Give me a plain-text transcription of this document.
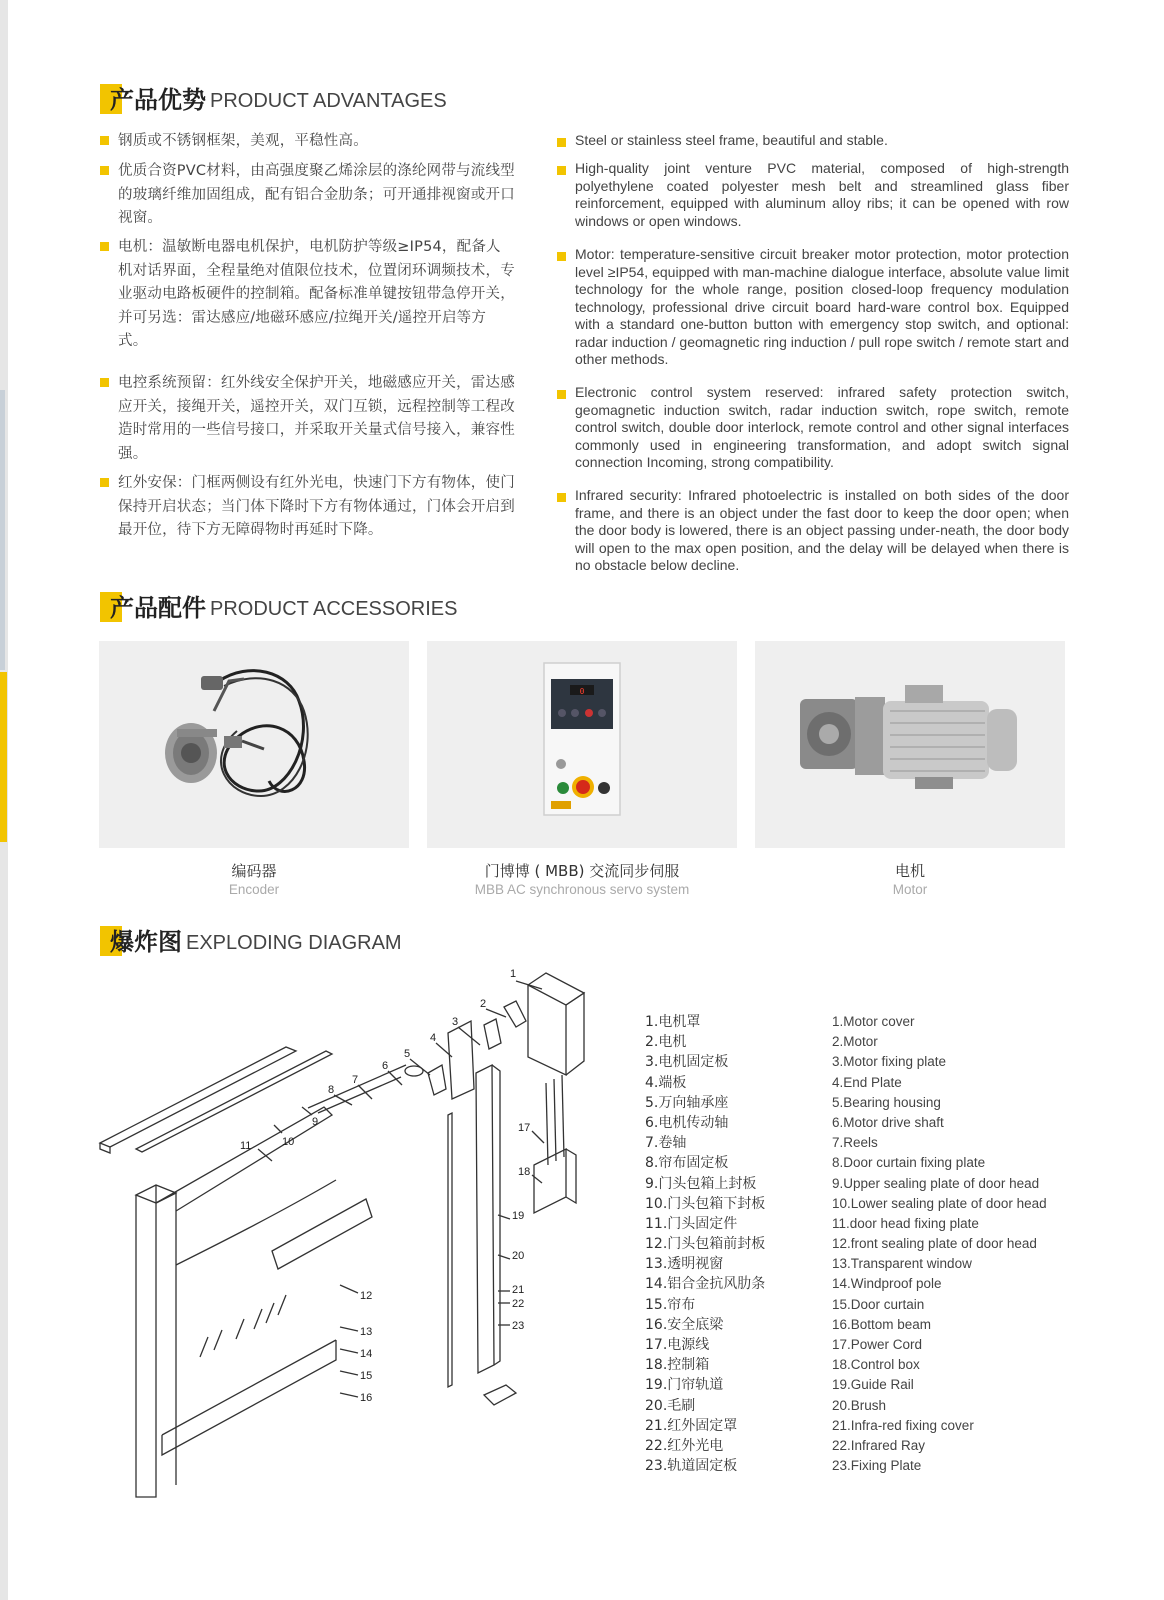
产品优势 PRODUCT ADVANTAGES
钢质或不锈钢框架，美观，平稳性高。
优质合资PVC材料，由高强度聚乙烯涂层的涤纶网带与流线型的玻璃纤维加固组成，配有铝合金肋条；可开通排视窗或开口视窗。
电机：温敏断电器电机保护，电机防护等级≥IP54，配备人机对话界面，全程量绝对值限位技术，位置闭环调频技术，专业驱动电路板硬件的控制箱。配备标准单键按钮带急停开关，并可另选：雷达感应/地磁环感应/拉绳开关/遥控开启等方式。
电控系统预留：红外线安全保护开关，地磁感应开关，雷达感应开关，接绳开关，遥控开关，双门互锁，远程控制等工程改造时常用的一些信号接口，并采取开关量式信号接入，兼容性强。
红外安保：门框两侧设有红外光电，快速门下方有物体，使门保持开启状态；当门体下降时下方有物体通过，门体会开启到最开位，待下方无障碍物时再延时下降。
Steel or stainless steel frame, beautiful and stable.
High-quality joint venture PVC material, composed of high-strength polyethylene coated polyester mesh belt and streamlined glass fiber reinforcement, equipped with aluminum alloy ribs; it can be opened with row windows or open windows.
Motor: temperature-sensitive circuit breaker motor protection, motor protection level ≥IP54, equipped with man-machine dialogue interface, absolute value limit technology for the whole range, position closed-loop frequency modulation technology, professional drive circuit board hard-ware control box. Equipped with a standard one-button button with emergency stop switch, and optional: radar induction / geomagnetic ring induction / pull rope switch / remote start and other methods.
Electronic control system reserved: infrared safety protection switch, geomagnetic induction switch, radar induction switch, rope switch, remote control switch, double door interlock, remote control and other signal interfaces commonly used in engineering transformation, and adopt switch signal connection Incoming, strong compatibility.
Infrared security: Infrared photoelectric is installed on both sides of the door frame, and there is an object under the fast door to keep the door open; when the door body is lowered, there is an object passing under-neath, the door body will open to the max open position, and the delay will be delayed when there is no obstacle below decline.
产品配件 PRODUCT ACCESSORIES
编码器
Encoder
0
门博博 ( MBB) 交流同步伺服
MBB AC synchronous servo system
电机
Motor
爆炸图 EXPLODING DIAGRAM
1
2
3
4
5
6
7
8
9
10
11
12
13
14
15
16
17
18
19
20
21
22
23
1.电机罩
2.电机
3.电机固定板
4.端板
5.万向轴承座
6.电机传动轴
7.卷轴
8.帘布固定板
9.门头包箱上封板
10.门头包箱下封板
11.门头固定件
12.门头包箱前封板
13.透明视窗
14.铝合金抗风肋条
15.帘布
16.安全底梁
17.电源线
18.控制箱
19.门帘轨道
20.毛刷
21.红外固定罩
22.红外光电
23.轨道固定板
1.Motor cover
2.Motor
3.Motor fixing plate
4.End Plate
5.Bearing housing
6.Motor drive shaft
7.Reels
8.Door curtain fixing plate
9.Upper sealing plate of door head
10.Lower sealing plate of door head
11.door head fixing plate
12.front sealing plate of door head
13.Transparent window
14.Windproof pole
15.Door curtain
16.Bottom beam
17.Power Cord
18.Control box
19.Guide Rail
20.Brush
21.Infra-red fixing cover
22.Infrared Ray
23.Fixing Plate
